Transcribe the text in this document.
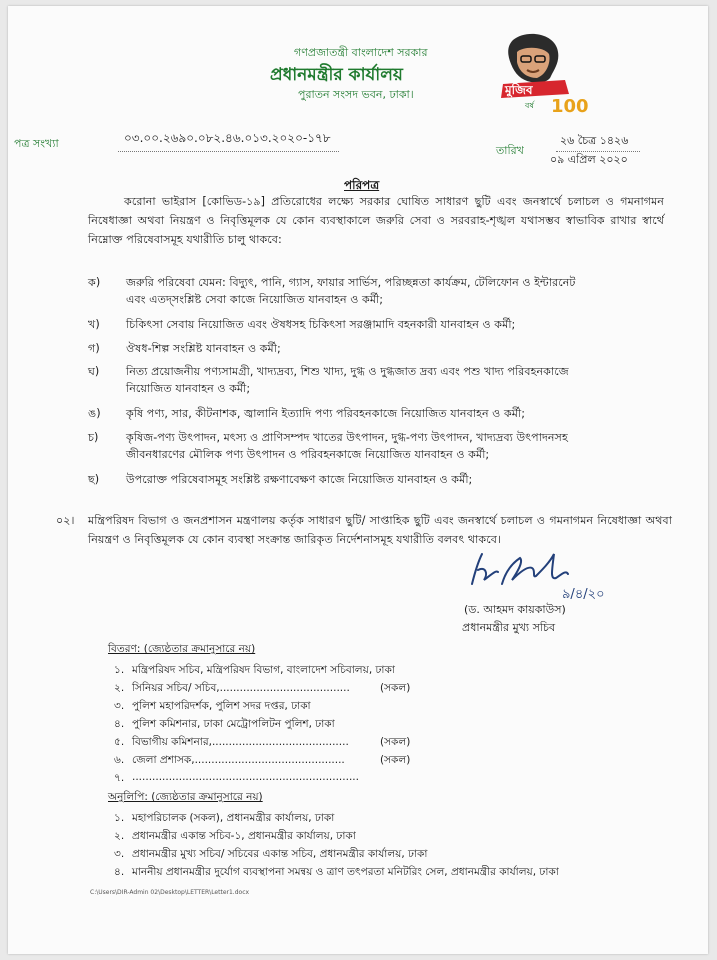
গণপ্রজাতন্ত্রী বাংলাদেশ সরকার
প্রধানমন্ত্রীর কার্যালয়
পুরাতন সংসদ ভবন, ঢাকা।	মুজিব
বর্ষ 100
পত্র সংখ্যা	০৩.০০.২৬৯০.০৮২.৪৬.০১৩.২০২০-১৭৮
তারিখ
২৬ চৈত্র ১৪২৬
০৯ এপ্রিল ২০২০
পরিপত্র
করোনা ভাইরাস [কোভিড-১৯] প্রতিরোধের লক্ষ্যে সরকার ঘোষিত সাধারণ ছুটি এবং জনস্বার্থে চলাচল ও গমনাগমন নিষেধাজ্ঞা অথবা নিয়ন্ত্রণ ও নিবৃত্তিমূলক যে কোন ব্যবস্থাকালে জরুরি সেবা ও সরবরাহ-শৃঙ্খল যথাসম্ভব স্বাভাবিক রাখার স্বার্থে নিম্নোক্ত পরিষেবাসমূহ যথারীতি চালু থাকবে:
ক) জরুরি পরিষেবা যেমন: বিদ্যুৎ, পানি, গ্যাস, ফায়ার সার্ভিস, পরিচ্ছন্নতা কার্যক্রম, টেলিফোন ও ইন্টারনেট এবং এতদ্‌সংশ্লিষ্ট সেবা কাজে নিয়োজিত যানবাহন ও কর্মী;
খ) চিকিৎসা সেবায় নিয়োজিত এবং ঔষধসহ চিকিৎসা সরঞ্জামাদি বহনকারী যানবাহন ও কর্মী;
গ) ঔষধ-শিল্প সংশ্লিষ্ট যানবাহন ও কর্মী;
ঘ) নিত্য প্রয়োজনীয় পণ্যসামগ্রী, খাদ্যদ্রব্য, শিশু খাদ্য, দুগ্ধ ও দুগ্ধজাত দ্রব্য এবং পশু খাদ্য পরিবহনকাজে নিয়োজিত যানবাহন ও কর্মী;
ঙ) কৃষি পণ্য, সার, কীটনাশক, জ্বালানি ইত্যাদি পণ্য পরিবহনকাজে নিয়োজিত যানবাহন ও কর্মী;
চ) কৃষিজ-পণ্য উৎপাদন, মৎস্য ও প্রাণিসম্পদ খাতের উৎপাদন, দুগ্ধ-পণ্য উৎপাদন, খাদ্যদ্রব্য উৎপাদনসহ জীবনধারণের মৌলিক পণ্য উৎপাদন ও পরিবহনকাজে নিয়োজিত যানবাহন ও কর্মী;
ছ) উপরোক্ত পরিষেবাসমূহ সংশ্লিষ্ট রক্ষণাবেক্ষণ কাজে নিয়োজিত যানবাহন ও কর্মী;
০২। মন্ত্রিপরিষদ বিভাগ ও জনপ্রশাসন মন্ত্রণালয় কর্তৃক সাধারণ ছুটি/ সাপ্তাহিক ছুটি এবং জনস্বার্থে চলাচল ও গমনাগমন নিষেধাজ্ঞা অথবা নিয়ন্ত্রণ ও নিবৃত্তিমূলক যে কোন ব্যবস্থা সংক্রান্ত জারিকৃত নির্দেশনাসমূহ যথারীতি বলবৎ থাকবে।
৯/৪/২০
(ড. আহমদ কায়কাউস)
প্রধানমন্ত্রীর মুখ্য সচিব
বিতরণ: (জ্যেষ্ঠতার ক্রমানুসারে নয়)
১. মন্ত্রিপরিষদ সচিব, মন্ত্রিপরিষদ বিভাগ, বাংলাদেশ সচিবালয়, ঢাকা
২. সিনিয়র সচিব/ সচিব,.......................................	(সকল)
৩. পুলিশ মহাপরিদর্শক, পুলিশ সদর দপ্তর, ঢাকা
৪. পুলিশ কমিশনার, ঢাকা মেট্রোপলিটন পুলিশ, ঢাকা
৫. বিভাগীয় কমিশনার,.........................................	(সকল)
৬. জেলা প্রশাসক,.............................................	(সকল)
৭. ....................................................................
অনুলিপি: (জ্যেষ্ঠতার ক্রমানুসারে নয়)
১. মহাপরিচালক (সকল), প্রধানমন্ত্রীর কার্যালয়, ঢাকা
২. প্রধানমন্ত্রীর একান্ত সচিব-১, প্রধানমন্ত্রীর কার্যালয়, ঢাকা
৩. প্রধানমন্ত্রীর মুখ্য সচিব/ সচিবের একান্ত সচিব, প্রধানমন্ত্রীর কার্যালয়, ঢাকা
৪. মাননীয় প্রধানমন্ত্রীর দুর্যোগ ব্যবস্থাপনা সমন্বয় ও ত্রাণ তৎপরতা মনিটরিং সেল, প্রধানমন্ত্রীর কার্যালয়, ঢাকা
C:\Users\DIR-Admin 02\Desktop\LETTER\Letter1.docx
